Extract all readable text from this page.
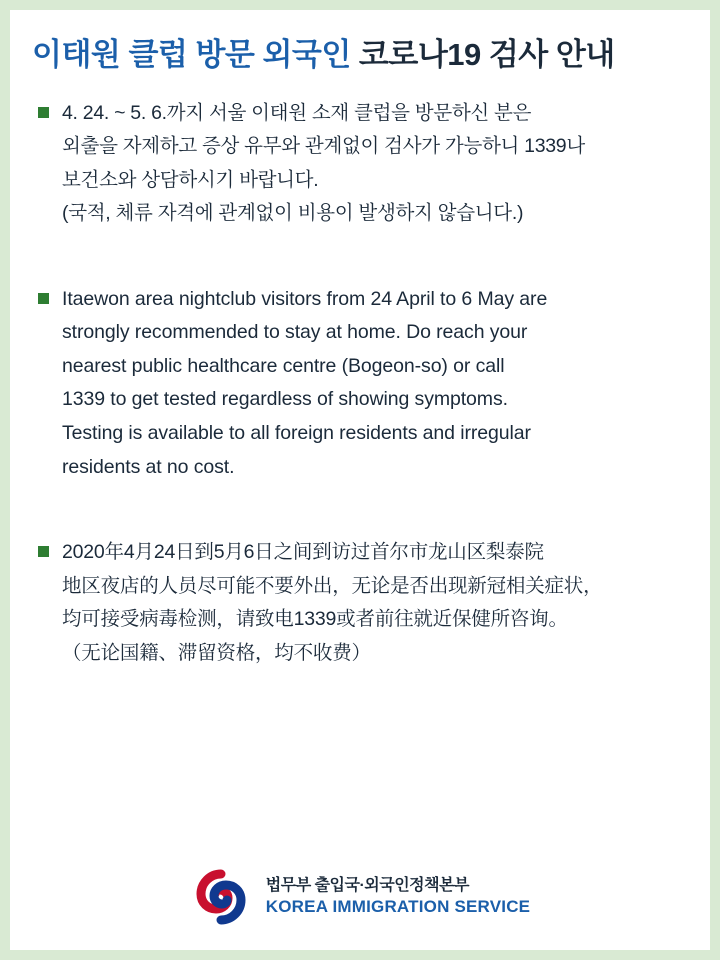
이태원 클럽 방문 외국인 코로나19 검사 안내

4. 24. ~ 5. 6.까지 서울 이태원 소재 클럽을 방문하신 분은

외출을 자제하고 증상 유무와 관계없이 검사가 가능하니 1339나

보건소와 상담하시기 바랍니다.

(국적, 체류 자격에 관계없이 비용이 발생하지 않습니다.)

Itaewon area nightclub visitors from 24 April to 6 May are

strongly recommended to stay at home. Do reach your

nearest public healthcare centre (Bogeon-so) or call

1339 to get tested regardless of showing symptoms.

Testing is available to all foreign residents and irregular

residents at no cost.

2020年4月24日到5月6日之间到访过首尔市龙山区梨泰院

地区夜店的人员尽可能不要外出，无论是否出现新冠相关症状，

均可接受病毒检测，请致电1339或者前往就近保健所咨询。

（无论国籍、滞留资格，均不收费）

법무부 출입국·외국인정책본부
KOREA IMMIGRATION SERVICE
